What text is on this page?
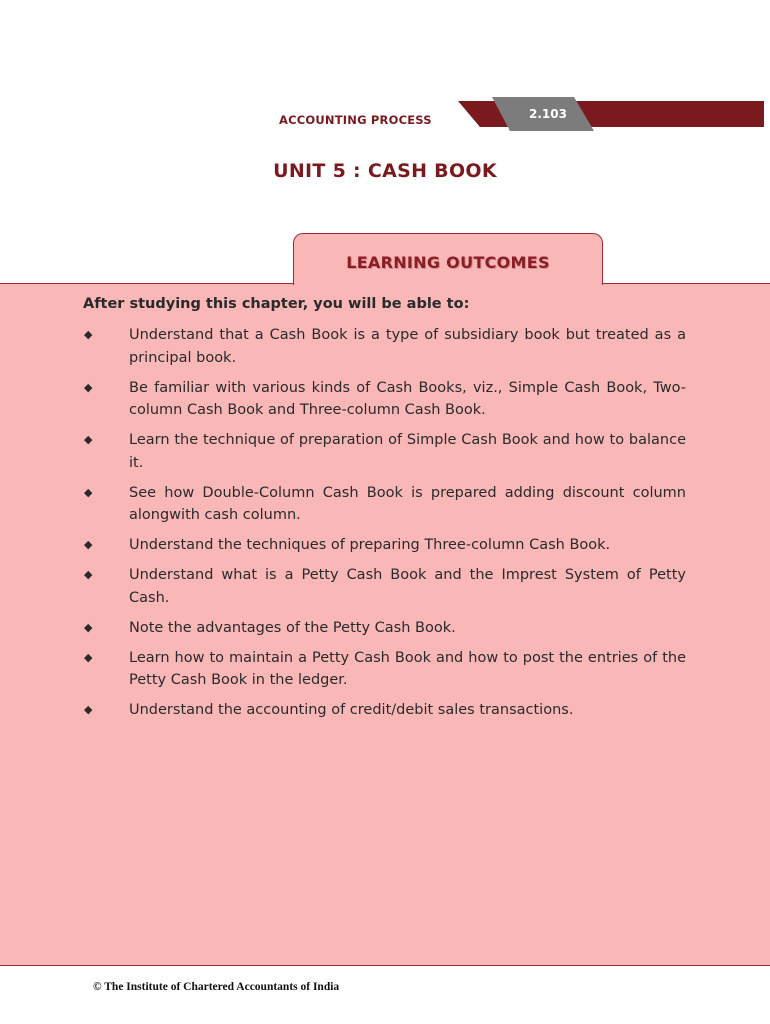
ACCOUNTING PROCESS	2.103
UNIT 5 : CASH BOOK
LEARNING OUTCOMES
After studying this chapter, you will be able to:
◆	Understand that a Cash Book is a type of subsidiary book but treated as a principal book.
◆	Be familiar with various kinds of Cash Books, viz., Simple Cash Book, Two-column Cash Book and Three-column Cash Book.
◆	Learn the technique of preparation of Simple Cash Book and how to balance it.
◆	See how Double-Column Cash Book is prepared adding discount column alongwith cash column.
◆	Understand the techniques of preparing Three-column Cash Book.
◆	Understand what is a Petty Cash Book and the Imprest System of Petty Cash.
◆	Note the advantages of the Petty Cash Book.
◆	Learn how to maintain a Petty Cash Book and how to post the entries of the Petty Cash Book in the ledger.
◆	Understand the accounting of credit/debit sales transactions.
© The Institute of Chartered Accountants of India
